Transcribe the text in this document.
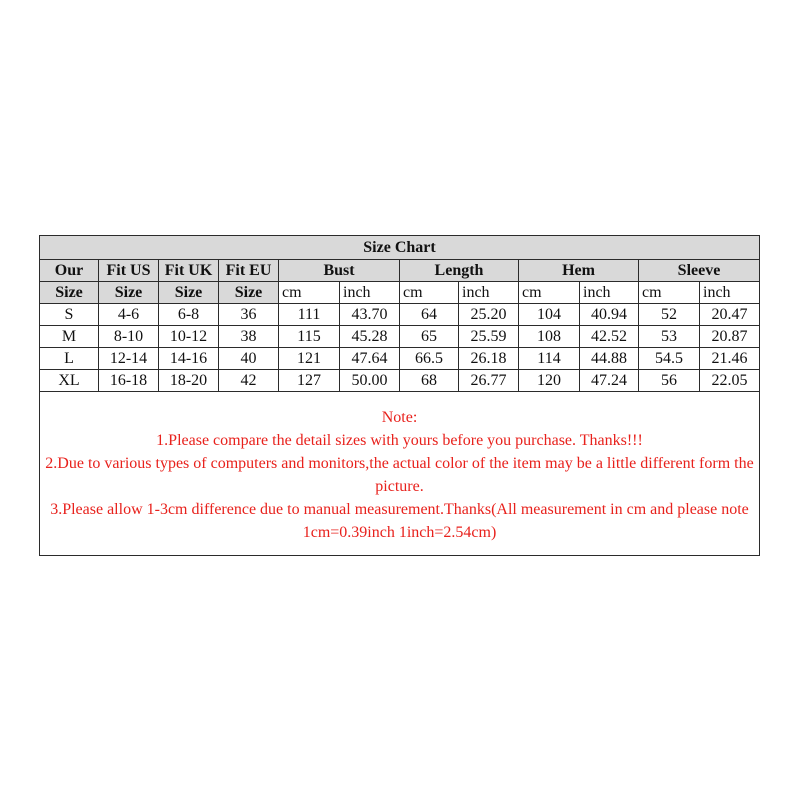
Size Chart											
Our	Fit US	Fit UK	Fit EU	Bust		Length		Hem		Sleeve	
Size	Size	Size	Size	cm	inch	cm	inch	cm	inch	cm	inch
S	4-6	6-8	36	111	43.70	64	25.20	104	40.94	52	20.47
M	8-10	10-12	38	115	45.28	65	25.59	108	42.52	53	20.87
L	12-14	14-16	40	121	47.64	66.5	26.18	114	44.88	54.5	21.46
XL	16-18	18-20	42	127	50.00	68	26.77	120	47.24	56	22.05

Note:
1.Please compare the detail sizes with yours before you purchase. Thanks!!!
2.Due to various types of computers and monitors,the actual color of the item may be a little different form the picture.
3.Please allow 1-3cm difference due to manual measurement.Thanks(All measurement in cm and please note 1cm=0.39inch 1inch=2.54cm)											
